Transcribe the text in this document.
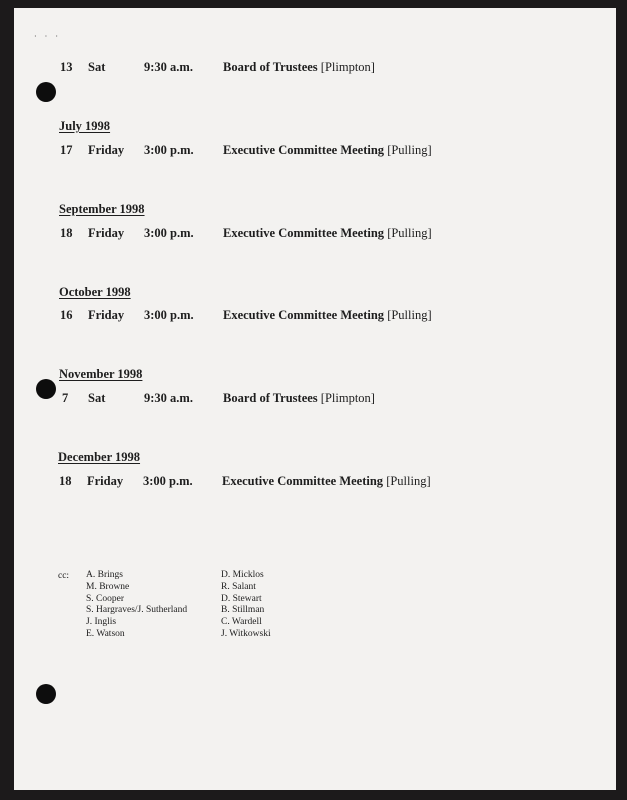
· · ·
13 Sat	9:30 a.m. Board of Trustees [Plimpton]
July 1998
17 Friday 3:00 p.m. Executive Committee Meeting [Pulling]
September 1998
18 Friday 3:00 p.m. Executive Committee Meeting [Pulling]
October 1998
16 Friday 3:00 p.m. Executive Committee Meeting [Pulling]
November 1998
7 Sat	9:30 a.m. Board of Trustees [Plimpton]
December 1998
18 Friday 3:00 p.m. Executive Committee Meeting [Pulling]
cc: A. Brings
M. Browne
S. Cooper
S. Hargraves/J. Sutherland
J. Inglis
E. Watson
D. Micklos
R. Salant
D. Stewart
B. Stillman
C. Wardell
J. Witkowski
